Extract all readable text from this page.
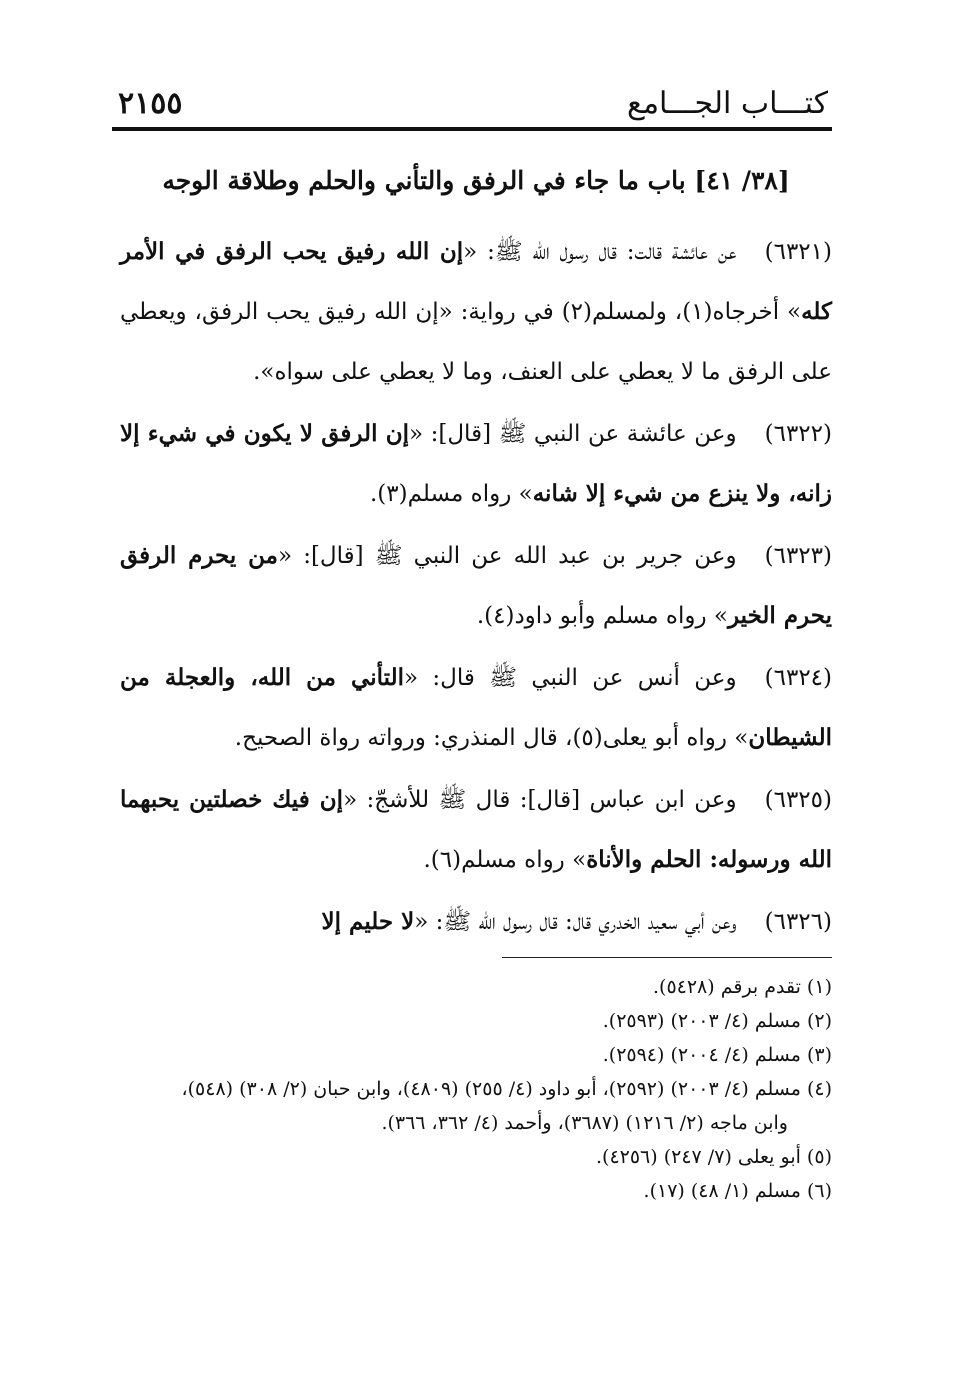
كتـــاب الجـــامع
٢١٥٥
[٣٨/ ٤١] باب ما جاء في الرفق والتأني والحلم وطلاقة الوجه

(٦٣٢١)عن عائشة قالت: قال رسول الله ﷺ: «إن الله رفيق يحب الرفق في الأمر كله» أخرجاه(١)، ولمسلم(٢) في رواية: «إن الله رفيق يحب الرفق، ويعطي على الرفق ما لا يعطي على العنف، وما لا يعطي على سواه».

(٦٣٢٢)وعن عائشة عن النبي ﷺ [قال]: «إن الرفق لا يكون في شيء إلا زانه، ولا ينزع من شيء إلا شانه» رواه مسلم(٣).

(٦٣٢٣)وعن جرير بن عبد الله عن النبي ﷺ [قال]: «من يحرم الرفق يحرم الخير» رواه مسلم وأبو داود(٤).

(٦٣٢٤)وعن أنس عن النبي ﷺ قال: «التأني من الله، والعجلة من الشيطان» رواه أبو يعلى(٥)، قال المنذري: ورواته رواة الصحيح.

(٦٣٢٥)وعن ابن عباس [قال]: قال ﷺ للأشجّ: «إن فيك خصلتين يحبهما الله ورسوله: الحلم والأناة» رواه مسلم(٦).

(٦٣٢٦)وعن أبي سعيد الخدري قال: قال رسول الله ﷺ: «لا حليم إلا

(١) تقدم برقم (٥٤٢٨).

(٢) مسلم (٤/ ٢٠٠٣) (٢٥٩٣).

(٣) مسلم (٤/ ٢٠٠٤) (٢٥٩٤).

(٤) مسلم (٤/ ٢٠٠٣) (٢٥٩٢)، أبو داود (٤/ ٢٥٥) (٤٨٠٩)، وابن حبان (٢/ ٣٠٨) (٥٤٨)،

وابن ماجه (٢/ ١٢١٦) (٣٦٨٧)، وأحمد (٤/ ٣٦٢، ٣٦٦).

(٥) أبو يعلى (٧/ ٢٤٧) (٤٢٥٦).

(٦) مسلم (١/ ٤٨) (١٧).
